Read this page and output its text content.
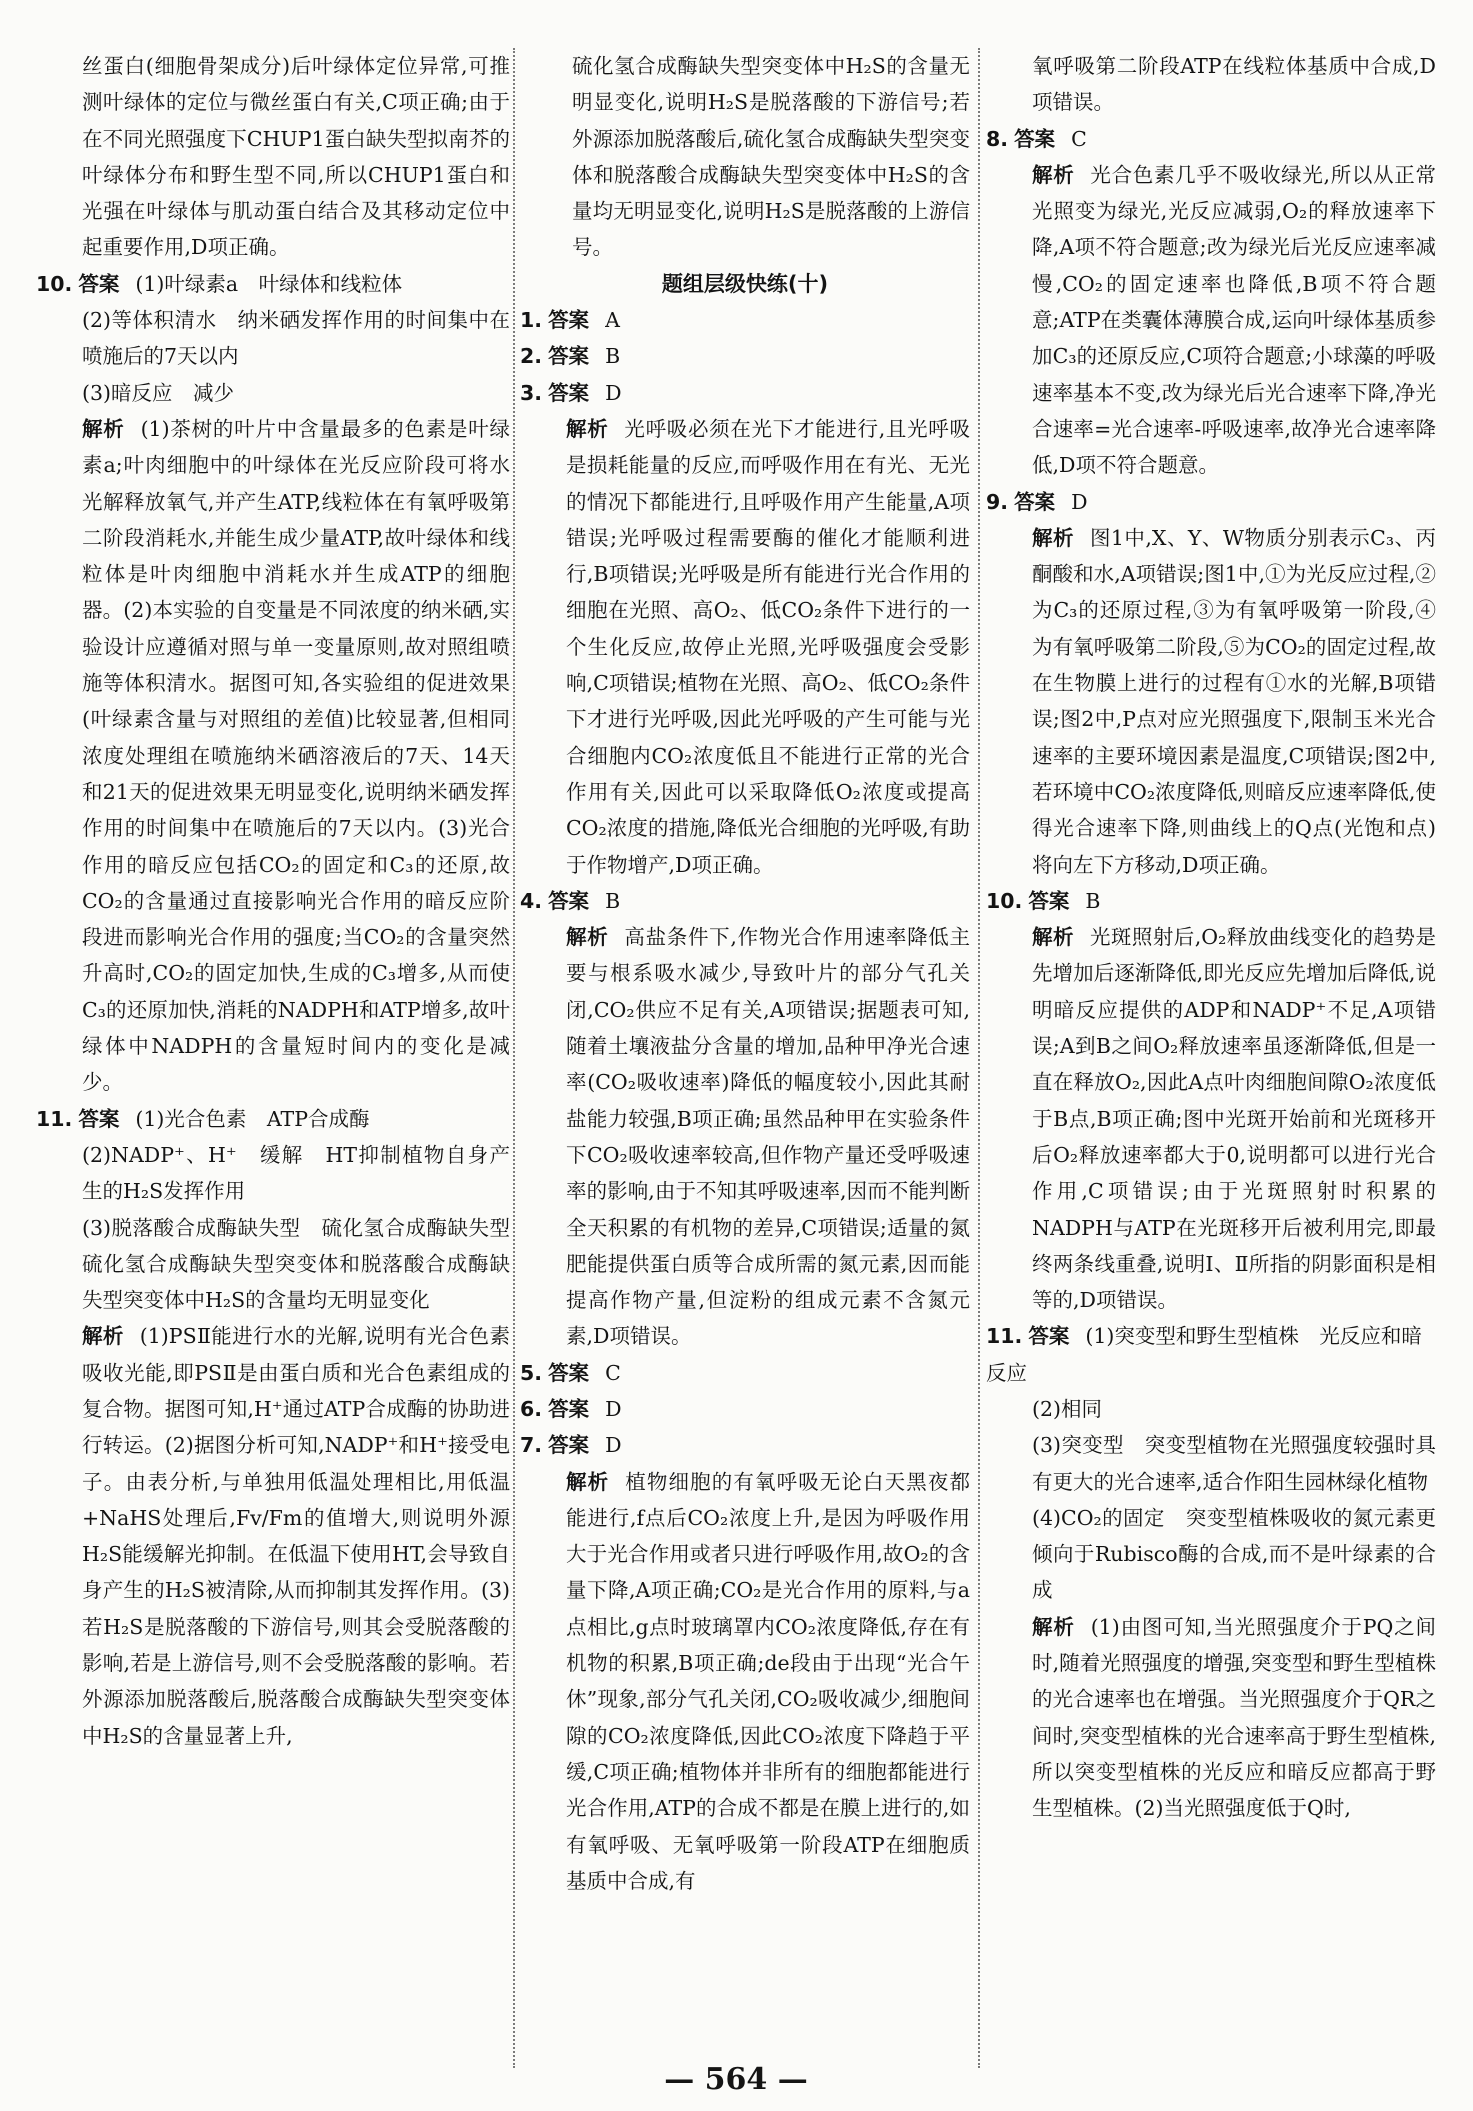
丝蛋白(细胞骨架成分)后叶绿体定位异常,可推测叶绿体的定位与微丝蛋白有关,C项正确;由于在不同光照强度下CHUP1蛋白缺失型拟南芥的叶绿体分布和野生型不同,所以CHUP1蛋白和光强在叶绿体与肌动蛋白结合及其移动定位中起重要作用,D项正确。

10. 答案 (1)叶绿素a　叶绿体和线粒体

(2)等体积清水　纳米硒发挥作用的时间集中在喷施后的7天以内

(3)暗反应　减少

解析 (1)茶树的叶片中含量最多的色素是叶绿素a;叶肉细胞中的叶绿体在光反应阶段可将水光解释放氧气,并产生ATP,线粒体在有氧呼吸第二阶段消耗水,并能生成少量ATP,故叶绿体和线粒体是叶肉细胞中消耗水并生成ATP的细胞器。(2)本实验的自变量是不同浓度的纳米硒,实验设计应遵循对照与单一变量原则,故对照组喷施等体积清水。据图可知,各实验组的促进效果(叶绿素含量与对照组的差值)比较显著,但相同浓度处理组在喷施纳米硒溶液后的7天、14天和21天的促进效果无明显变化,说明纳米硒发挥作用的时间集中在喷施后的7天以内。(3)光合作用的暗反应包括CO₂的固定和C₃的还原,故CO₂的含量通过直接影响光合作用的暗反应阶段进而影响光合作用的强度;当CO₂的含量突然升高时,CO₂的固定加快,生成的C₃增多,从而使C₃的还原加快,消耗的NADPH和ATP增多,故叶绿体中NADPH的含量短时间内的变化是减少。

11. 答案 (1)光合色素　ATP合成酶

(2)NADP⁺、H⁺　缓解　HT抑制植物自身产生的H₂S发挥作用

(3)脱落酸合成酶缺失型　硫化氢合成酶缺失型　硫化氢合成酶缺失型突变体和脱落酸合成酶缺失型突变体中H₂S的含量均无明显变化

解析 (1)PSⅡ能进行水的光解,说明有光合色素吸收光能,即PSⅡ是由蛋白质和光合色素组成的复合物。据图可知,H⁺通过ATP合成酶的协助进行转运。(2)据图分析可知,NADP⁺和H⁺接受电子。由表分析,与单独用低温处理相比,用低温+NaHS处理后,Fv/Fm的值增大,则说明外源H₂S能缓解光抑制。在低温下使用HT,会导致自身产生的H₂S被清除,从而抑制其发挥作用。(3)若H₂S是脱落酸的下游信号,则其会受脱落酸的影响,若是上游信号,则不会受脱落酸的影响。若外源添加脱落酸后,脱落酸合成酶缺失型突变体中H₂S的含量显著上升,

硫化氢合成酶缺失型突变体中H₂S的含量无明显变化,说明H₂S是脱落酸的下游信号;若外源添加脱落酸后,硫化氢合成酶缺失型突变体和脱落酸合成酶缺失型突变体中H₂S的含量均无明显变化,说明H₂S是脱落酸的上游信号。

题组层级快练(十)

1. 答案 A

2. 答案 B

3. 答案 D

解析 光呼吸必须在光下才能进行,且光呼吸是损耗能量的反应,而呼吸作用在有光、无光的情况下都能进行,且呼吸作用产生能量,A项错误;光呼吸过程需要酶的催化才能顺利进行,B项错误;光呼吸是所有能进行光合作用的细胞在光照、高O₂、低CO₂条件下进行的一个生化反应,故停止光照,光呼吸强度会受影响,C项错误;植物在光照、高O₂、低CO₂条件下才进行光呼吸,因此光呼吸的产生可能与光合细胞内CO₂浓度低且不能进行正常的光合作用有关,因此可以采取降低O₂浓度或提高CO₂浓度的措施,降低光合细胞的光呼吸,有助于作物增产,D项正确。

4. 答案 B

解析 高盐条件下,作物光合作用速率降低主要与根系吸水减少,导致叶片的部分气孔关闭,CO₂供应不足有关,A项错误;据题表可知,随着土壤液盐分含量的增加,品种甲净光合速率(CO₂吸收速率)降低的幅度较小,因此其耐盐能力较强,B项正确;虽然品种甲在实验条件下CO₂吸收速率较高,但作物产量还受呼吸速率的影响,由于不知其呼吸速率,因而不能判断全天积累的有机物的差异,C项错误;适量的氮肥能提供蛋白质等合成所需的氮元素,因而能提高作物产量,但淀粉的组成元素不含氮元素,D项错误。

5. 答案 C

6. 答案 D

7. 答案 D

解析 植物细胞的有氧呼吸无论白天黑夜都能进行,f点后CO₂浓度上升,是因为呼吸作用大于光合作用或者只进行呼吸作用,故O₂的含量下降,A项正确;CO₂是光合作用的原料,与a点相比,g点时玻璃罩内CO₂浓度降低,存在有机物的积累,B项正确;de段由于出现“光合午休”现象,部分气孔关闭,CO₂吸收减少,细胞间隙的CO₂浓度降低,因此CO₂浓度下降趋于平缓,C项正确;植物体并非所有的细胞都能进行光合作用,ATP的合成不都是在膜上进行的,如有氧呼吸、无氧呼吸第一阶段ATP在细胞质基质中合成,有

氧呼吸第二阶段ATP在线粒体基质中合成,D项错误。

8. 答案 C

解析 光合色素几乎不吸收绿光,所以从正常光照变为绿光,光反应减弱,O₂的释放速率下降,A项不符合题意;改为绿光后光反应速率减慢,CO₂的固定速率也降低,B项不符合题意;ATP在类囊体薄膜合成,运向叶绿体基质参加C₃的还原反应,C项符合题意;小球藻的呼吸速率基本不变,改为绿光后光合速率下降,净光合速率=光合速率-呼吸速率,故净光合速率降低,D项不符合题意。

9. 答案 D

解析 图1中,X、Y、W物质分别表示C₃、丙酮酸和水,A项错误;图1中,①为光反应过程,②为C₃的还原过程,③为有氧呼吸第一阶段,④为有氧呼吸第二阶段,⑤为CO₂的固定过程,故在生物膜上进行的过程有①水的光解,B项错误;图2中,P点对应光照强度下,限制玉米光合速率的主要环境因素是温度,C项错误;图2中,若环境中CO₂浓度降低,则暗反应速率降低,使得光合速率下降,则曲线上的Q点(光饱和点)将向左下方移动,D项正确。

10. 答案 B

解析 光斑照射后,O₂释放曲线变化的趋势是先增加后逐渐降低,即光反应先增加后降低,说明暗反应提供的ADP和NADP⁺不足,A项错误;A到B之间O₂释放速率虽逐渐降低,但是一直在释放O₂,因此A点叶肉细胞间隙O₂浓度低于B点,B项正确;图中光斑开始前和光斑移开后O₂释放速率都大于0,说明都可以进行光合作用,C项错误;由于光斑照射时积累的NADPH与ATP在光斑移开后被利用完,即最终两条线重叠,说明Ⅰ、Ⅱ所指的阴影面积是相等的,D项错误。

11. 答案 (1)突变型和野生型植株　光反应和暗反应

(2)相同

(3)突变型　突变型植物在光照强度较强时具有更大的光合速率,适合作阳生园林绿化植物

(4)CO₂的固定　突变型植株吸收的氮元素更倾向于Rubisco酶的合成,而不是叶绿素的合成

解析 (1)由图可知,当光照强度介于PQ之间时,随着光照强度的增强,突变型和野生型植株的光合速率也在增强。当光照强度介于QR之间时,突变型植株的光合速率高于野生型植株,所以突变型植株的光反应和暗反应都高于野生型植株。(2)当光照强度低于Q时,

— 564 —
